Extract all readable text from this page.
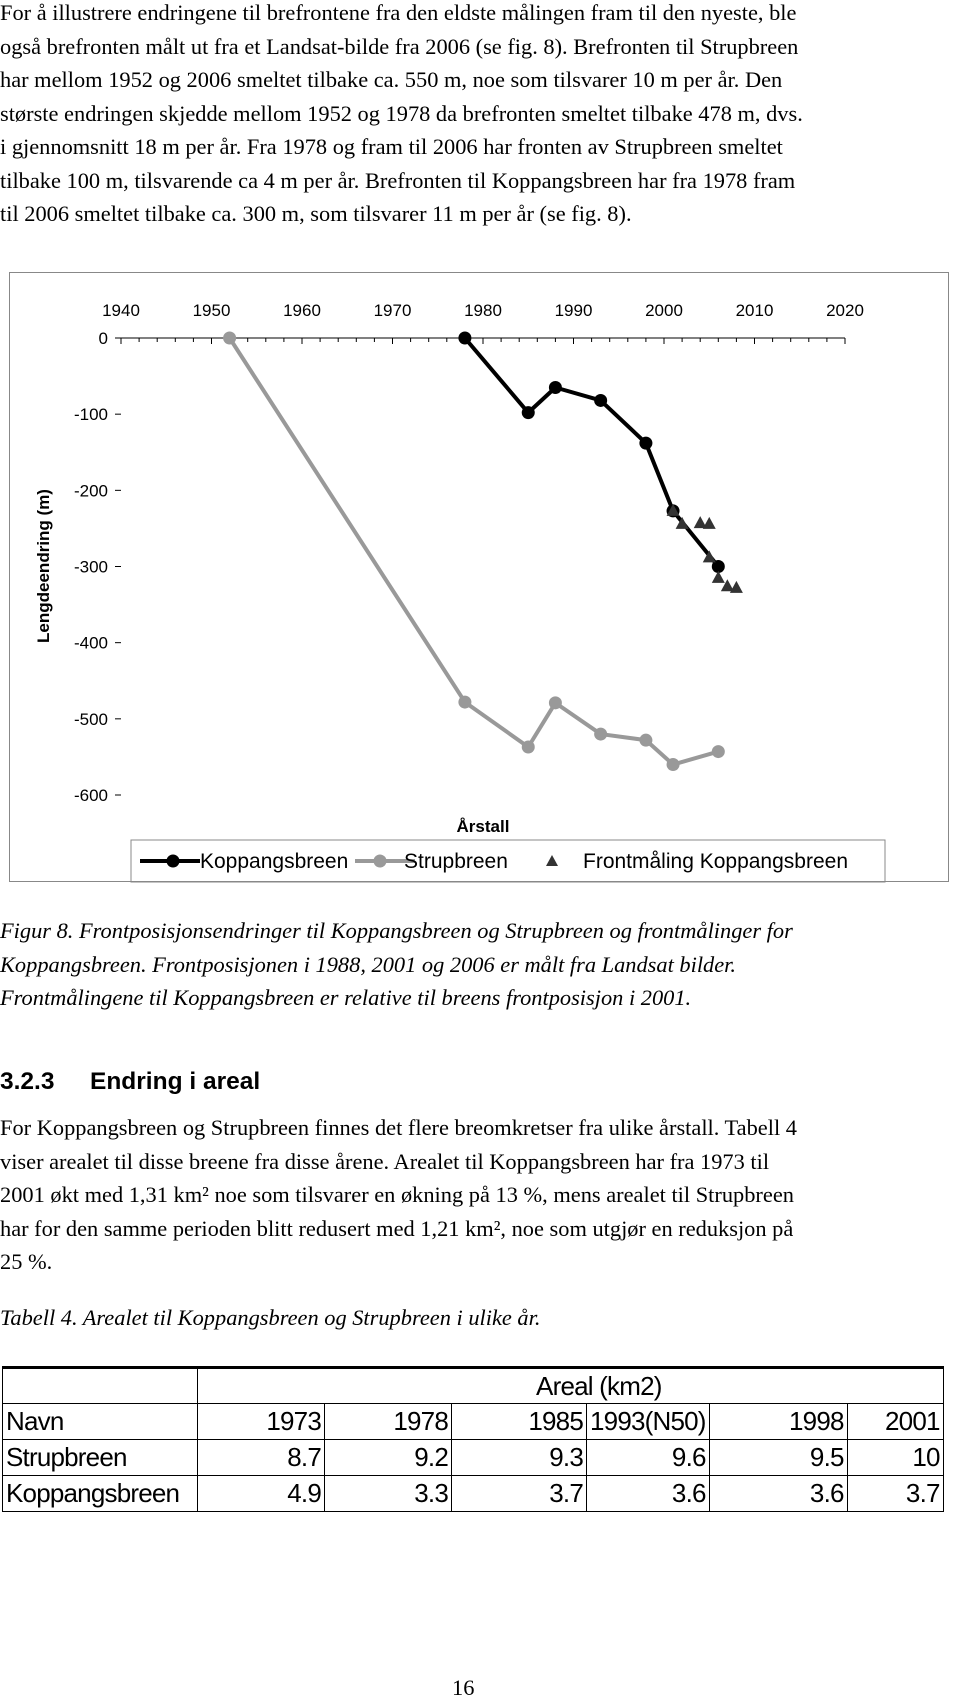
For å illustrere endringene til brefrontene fra den eldste målingen fram til den nyeste, ble

også brefronten målt ut fra et Landsat-bilde fra 2006 (se fig. 8). Brefronten til Strupbreen

har mellom 1952 og 2006 smeltet tilbake ca. 550 m, noe som tilsvarer 10 m per år. Den

største endringen skjedde mellom 1952 og 1978 da brefronten smeltet tilbake 478 m, dvs.

i gjennomsnitt 18 m per år. Fra 1978 og fram til 2006 har fronten av Strupbreen smeltet

tilbake 100 m, tilsvarende ca 4 m per år. Brefronten til Koppangsbreen har fra 1978 fram

til 2006 smeltet tilbake ca. 300 m, som tilsvarer 11 m per år (se fig. 8).

1940	1950	1960	1970	1980	1990	2000	2010	2020
0
-100
-200
-300
-400
-500
-600
Lengdeendring (m)
Årstall
Koppangsbreen	Strupbreen	Frontmåling Koppangsbreen

Figur 8. Frontposisjonsendringer til Koppangsbreen og Strupbreen og frontmålinger for

Koppangsbreen. Frontposisjonen i 1988, 2001 og 2006 er målt fra Landsat bilder.

Frontmålingene til Koppangsbreen er relative til breens frontposisjon i 2001.

3.2.3 Endring i areal

For Koppangsbreen og Strupbreen finnes det flere breomkretser fra ulike årstall. Tabell 4

viser arealet til disse breene fra disse årene. Arealet til Koppangsbreen har fra 1973 til

2001 økt med 1,31 km² noe som tilsvarer en økning på 13 %, mens arealet til Strupbreen

har for den samme perioden blitt redusert med 1,21 km², noe som utgjør en reduksjon på

25 %.

Tabell 4. Arealet til Koppangsbreen og Strupbreen i ulike år.

	Areal (km2)					
Navn	1973	1978	1985	1993(N50)	1998	2001
Strupbreen	8.7	9.2	9.3	9.6	9.5	10
Koppangsbreen	4.9	3.3	3.7	3.6	3.6	3.7
16
